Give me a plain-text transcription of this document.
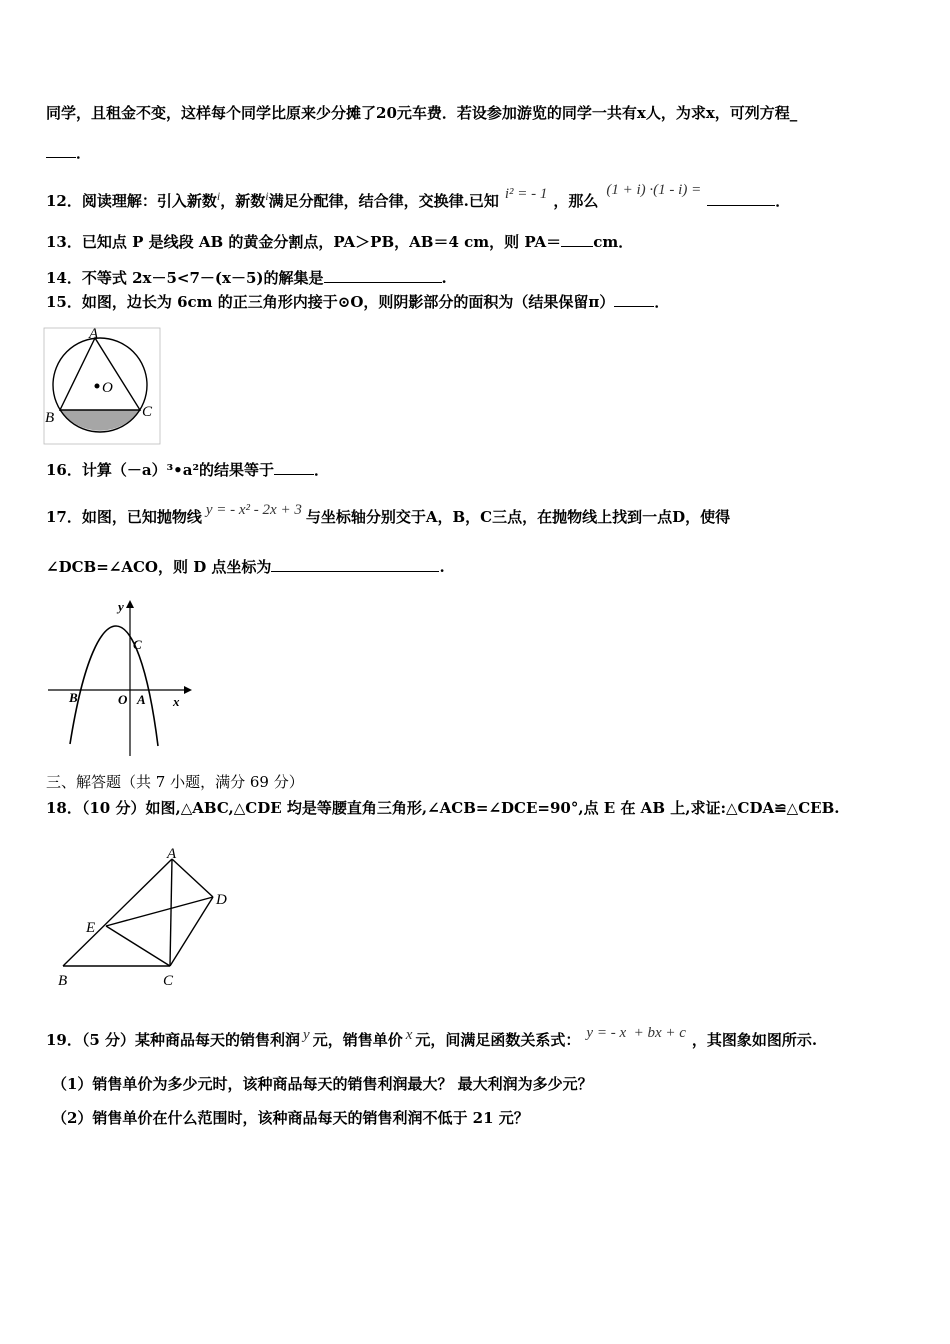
同学，且租金不变，这样每个同学比原来少分摊了20元车费．若设参加游览的同学一共有x人，为求x，可列方程_
．
12．阅读理解：引入新数$^i$，新数$^i$满足分配律，结合律，交换律.已知 i² = - 1 ，那么(1 + i) ·(1 - i) =．
13．已知点 P 是线段 AB 的黄金分割点，PA＞PB，AB＝4 cm，则 PA＝ cm．
14．不等式 2x－5<7－(x－5)的解集是	.
15．如图，边长为 6cm 的正三角形内接于⊙O，则阴影部分的面积为（结果保留π）	．
A
O
B	C
16．计算（－a）³•a²的结果等于	．
17．如图，已知抛物线 y = - x² - 2x + 3 与坐标轴分别交于A，B，C三点，在抛物线上找到一点D，使得
∠DCB=∠ACO，则 D 点坐标为	.
y
x
C
B	O A
三、解答题（共 7 小题，满分 69 分）
18．（10 分）如图,△ABC,△CDE 均是等腰直角三角形,∠ACB=∠DCE=90°,点 E 在 AB 上,求证:△CDA≌△CEB.
A
D
E
B	C
19．（5 分）某种商品每天的销售利润 y 元，销售单价 x 元，间满足函数关系式： y = - x  + bx + c ，其图象如图所示.
（1）销售单价为多少元时，该种商品每天的销售利润最大？ 最大利润为多少元？
（2）销售单价在什么范围时，该种商品每天的销售利润不低于 21 元？
